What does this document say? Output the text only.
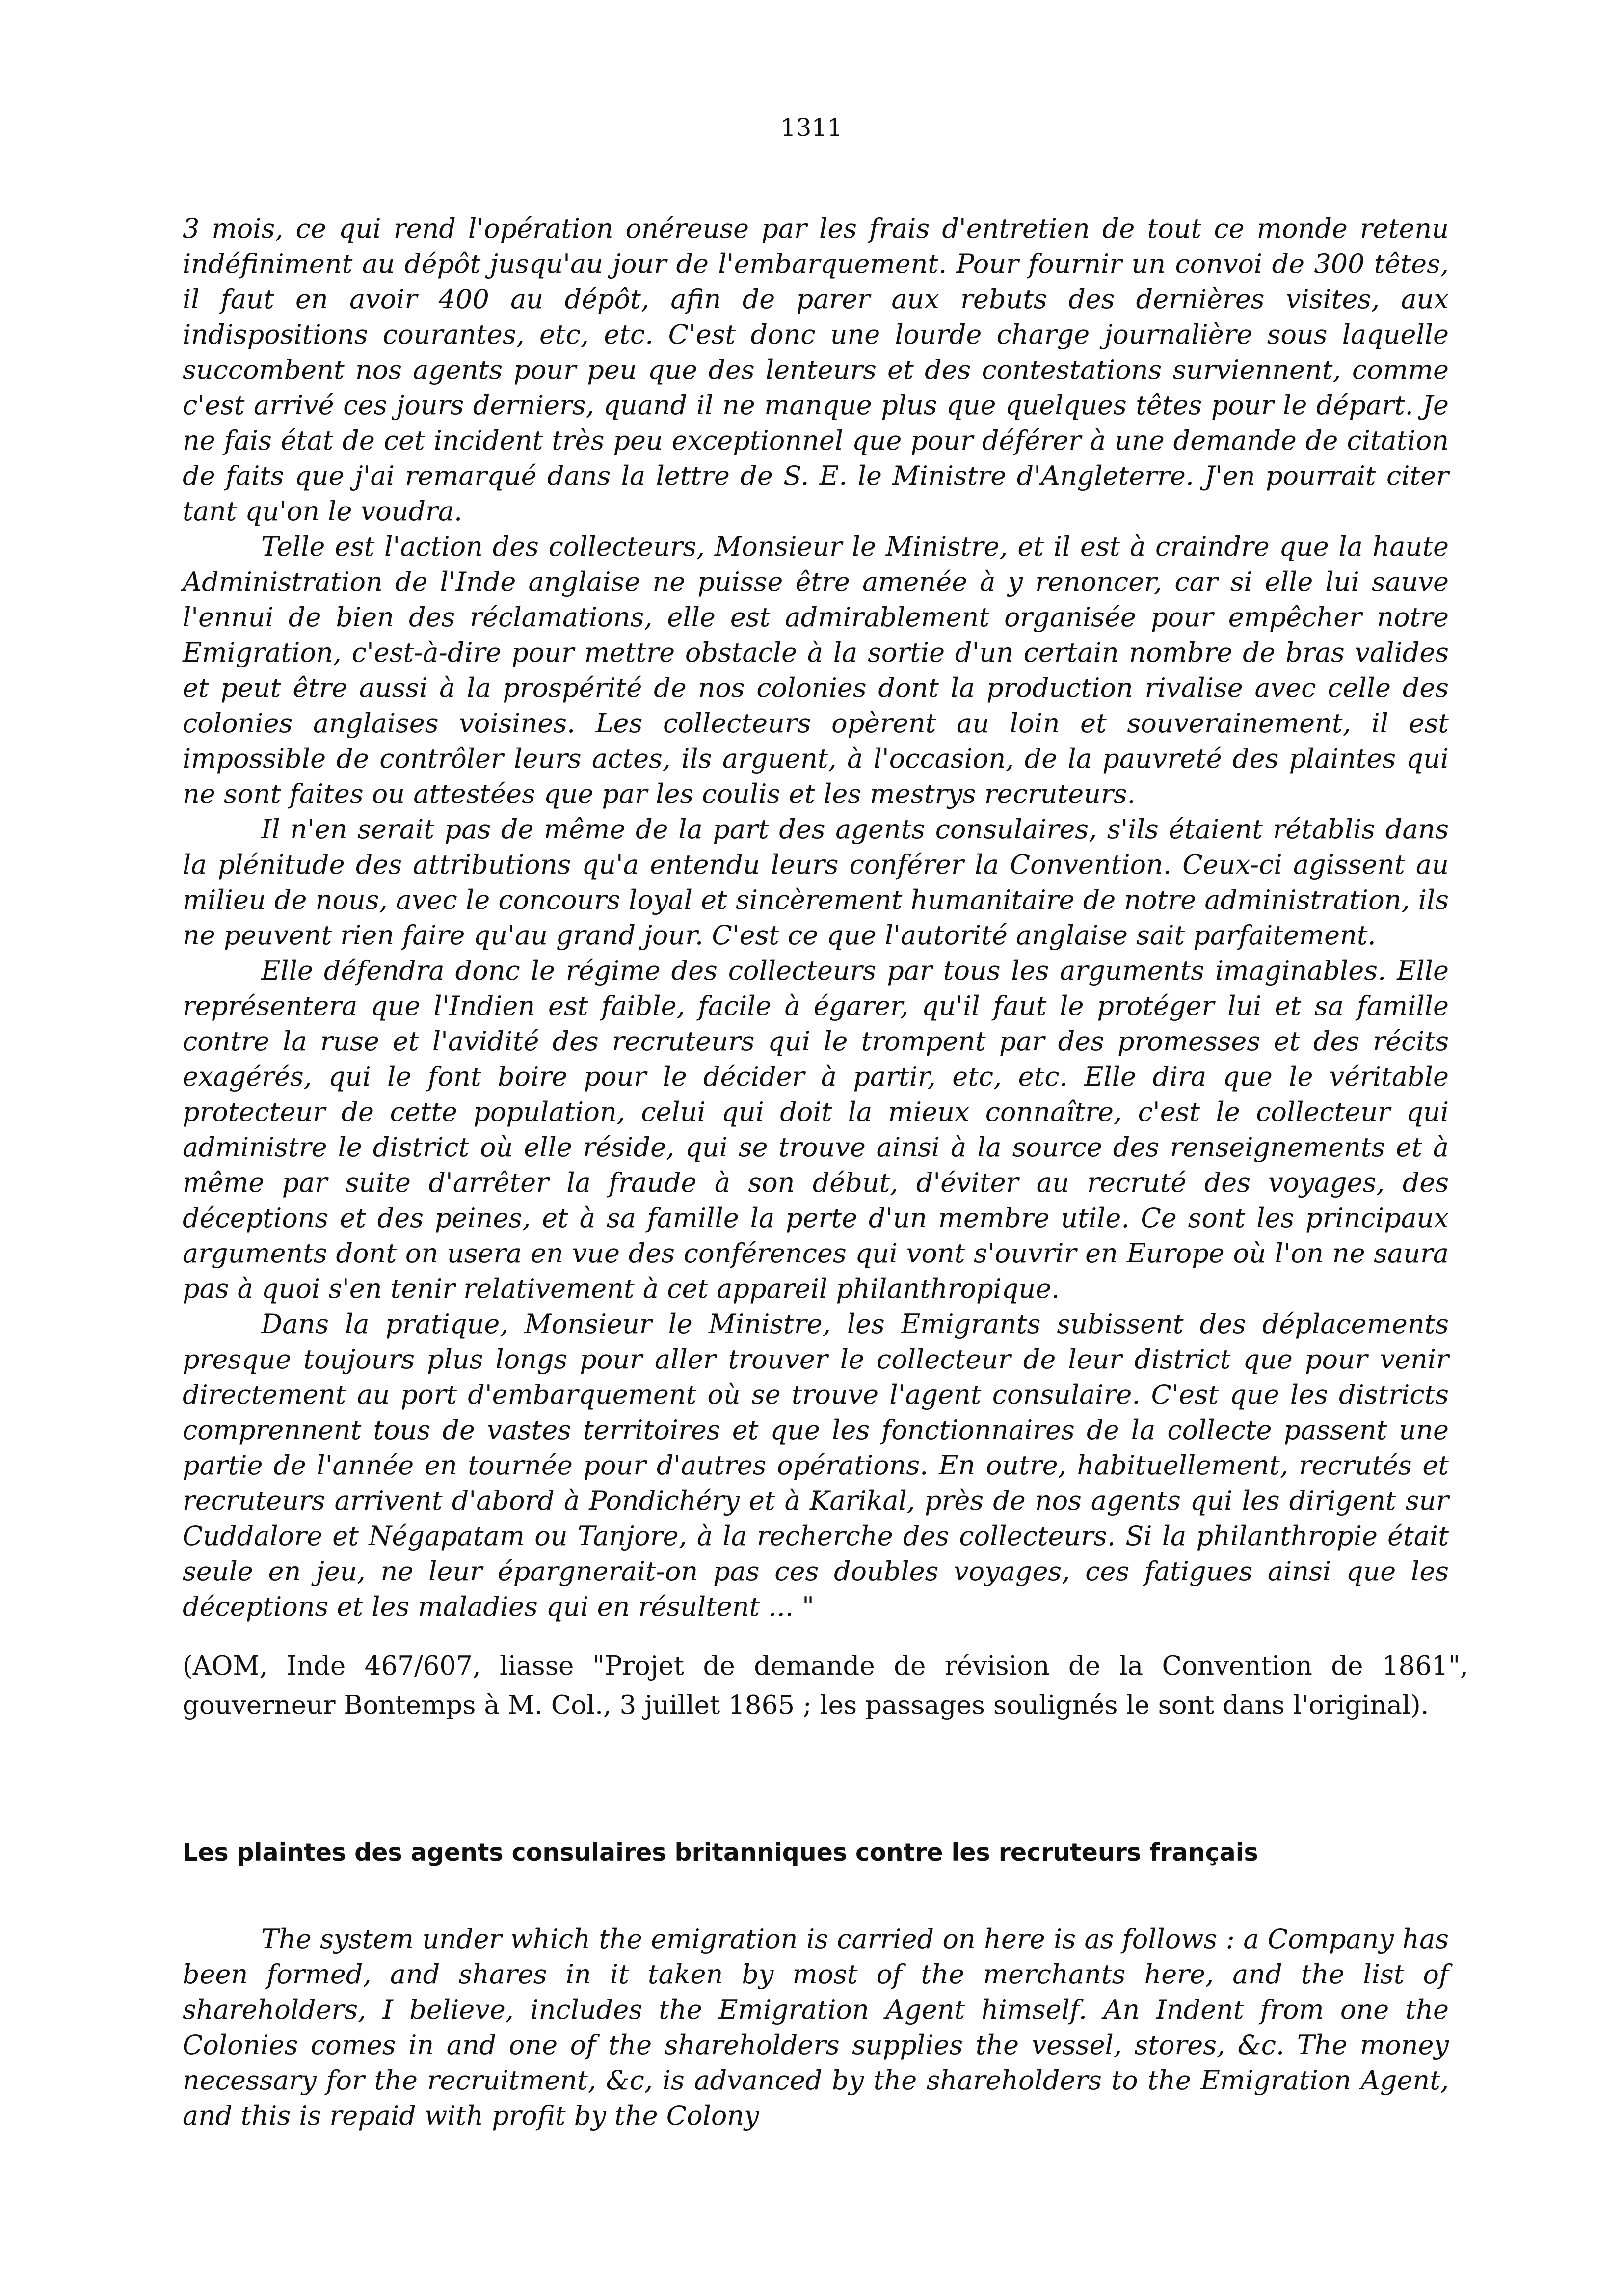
1311

3 mois, ce qui rend l'opération onéreuse par les frais d'entretien de tout ce monde retenu indéfiniment au dépôt jusqu'au jour de l'embarquement. Pour fournir un convoi de 300 têtes, il faut en avoir 400 au dépôt, afin de parer aux rebuts des dernières visites, aux indispositions courantes, etc, etc. C'est donc une lourde charge journalière sous laquelle succombent nos agents pour peu que des lenteurs et des contestations surviennent, comme c'est arrivé ces jours derniers, quand il ne manque plus que quelques têtes pour le départ. Je ne fais état de cet incident très peu exceptionnel que pour déférer à une demande de citation de faits que j'ai remarqué dans la lettre de S. E. le Ministre d'Angleterre. J'en pourrait citer tant qu'on le voudra.

Telle est l'action des collecteurs, Monsieur le Ministre, et il est à craindre que la haute Administration de l'Inde anglaise ne puisse être amenée à y renoncer, car si elle lui sauve l'ennui de bien des réclamations, elle est admirablement organisée pour empêcher notre Emigration, c'est-à-dire pour mettre obstacle à la sortie d'un certain nombre de bras valides et peut être aussi à la prospérité de nos colonies dont la production rivalise avec celle des colonies anglaises voisines. Les collecteurs opèrent au loin et souverainement, il est impossible de contrôler leurs actes, ils arguent, à l'occasion, de la pauvreté des plaintes qui ne sont faites ou attestées que par les coulis et les mestrys recruteurs.

Il n'en serait pas de même de la part des agents consulaires, s'ils étaient rétablis dans la plénitude des attributions qu'a entendu leurs conférer la Convention. Ceux-ci agissent au milieu de nous, avec le concours loyal et sincèrement humanitaire de notre administration, ils ne peuvent rien faire qu'au grand jour. C'est ce que l'autorité anglaise sait parfaitement.

Elle défendra donc le régime des collecteurs par tous les arguments imaginables. Elle représentera que l'Indien est faible, facile à égarer, qu'il faut le protéger lui et sa famille contre la ruse et l'avidité des recruteurs qui le trompent par des promesses et des récits exagérés, qui le font boire pour le décider à partir, etc, etc. Elle dira que le véritable protecteur de cette population, celui qui doit la mieux connaître, c'est le collecteur qui administre le district où elle réside, qui se trouve ainsi à la source des renseignements et à même par suite d'arrêter la fraude à son début, d'éviter au recruté des voyages, des déceptions et des peines, et à sa famille la perte d'un membre utile. Ce sont les principaux arguments dont on usera en vue des conférences qui vont s'ouvrir en Europe où l'on ne saura pas à quoi s'en tenir relativement à cet appareil philanthropique.

Dans la pratique, Monsieur le Ministre, les Emigrants subissent des déplacements presque toujours plus longs pour aller trouver le collecteur de leur district que pour venir directement au port d'embarquement où se trouve l'agent consulaire. C'est que les districts comprennent tous de vastes territoires et que les fonctionnaires de la collecte passent une partie de l'année en tournée pour d'autres opérations. En outre, habituellement, recrutés et recruteurs arrivent d'abord à Pondichéry et à Karikal, près de nos agents qui les dirigent sur Cuddalore et Négapatam ou Tanjore, à la recherche des collecteurs. Si la philanthropie était seule en jeu, ne leur épargnerait-on pas ces doubles voyages, ces fatigues ainsi que les déceptions et les maladies qui en résultent ... "

(AOM, Inde 467/607, liasse "Projet de demande de révision de la Convention de 1861", gouverneur Bontemps à M. Col., 3 juillet 1865 ; les passages soulignés le sont dans l'original).

Les plaintes des agents consulaires britanniques contre les recruteurs français

The system under which the emigration is carried on here is as follows : a Company has been formed, and shares in it taken by most of the merchants here, and the list of shareholders, I believe, includes the Emigration Agent himself. An Indent from one the Colonies comes in and one of the shareholders supplies the vessel, stores, &c. The money necessary for the recruitment, &c, is advanced by the shareholders to the Emigration Agent, and this is repaid with profit by the Colony
